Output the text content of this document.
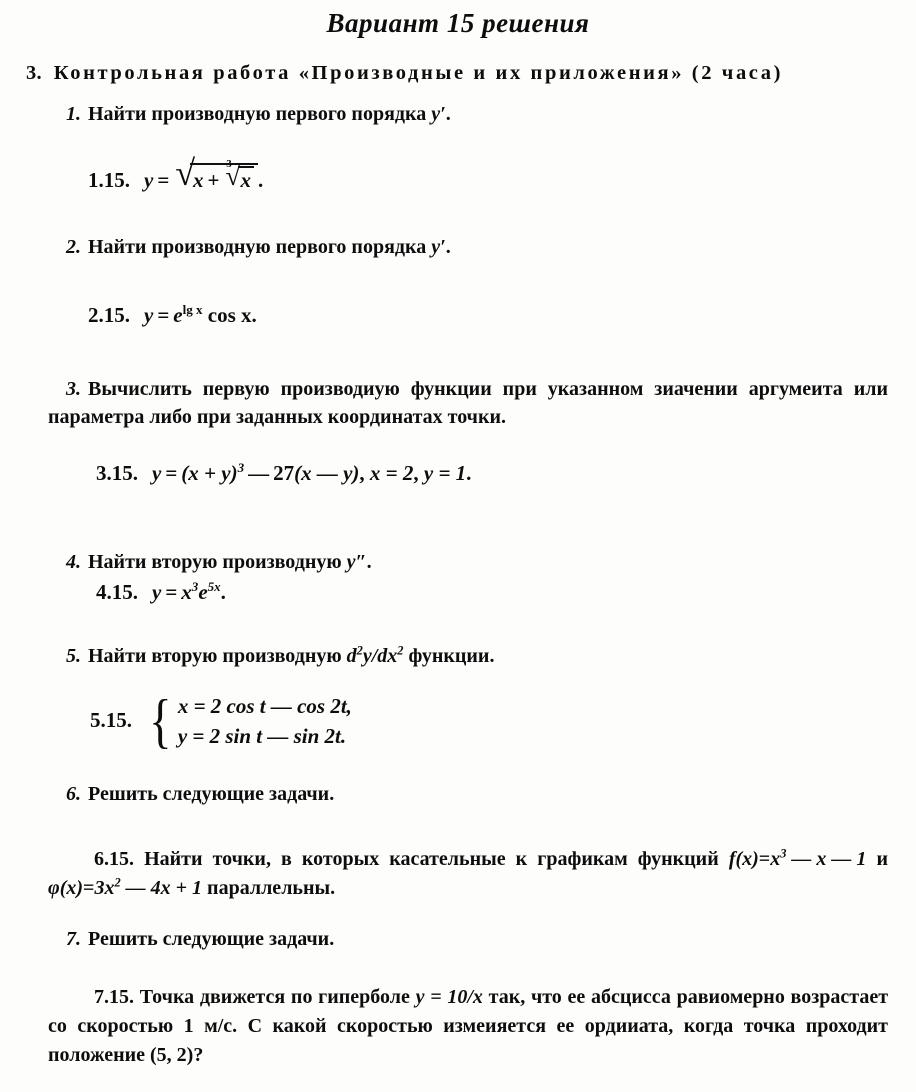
Вариант 15 решения
3. Контрольная работа «Производные и их приложения» (2 часа)
1. Найти производную первого порядка y′.
1.15. y = √ x +
√ 3
x .
2. Найти производную первого порядка y′.
2.15. $y = e^{lg x}$ cos x.
3. Вычислить первую производиую функции при указанном зиачении аргумеита или параметра либо при заданных координатах точки.
3.15. $y = (x + y)^3$ — 27(x — y), x = 2, y = 1.
4. Найти вторую производную y″.
4.15. $y = x^3e^{5x}$.
5. Найти вторую производную $d^2y/dx^2$ функции.
5.15. { x = 2 cos t — cos 2t,
y = 2 sin t — sin 2t.
6. Решить следующие задачи.
6.15. Найти точки, в которых касательные к графикам функций $f(x)=x^3$ — x — 1 и $\varphi(x)=3x^2$ — 4x + 1 параллельны.
7. Решить следующие задачи.
7.15. Точка движется по гиперболе y = 10/x так, что ее абсцисса равиомерно возрастает со скоростью 1 м/с. С какой скоростью измеияется ее ордииата, когда точка проходит положение (5, 2)?
